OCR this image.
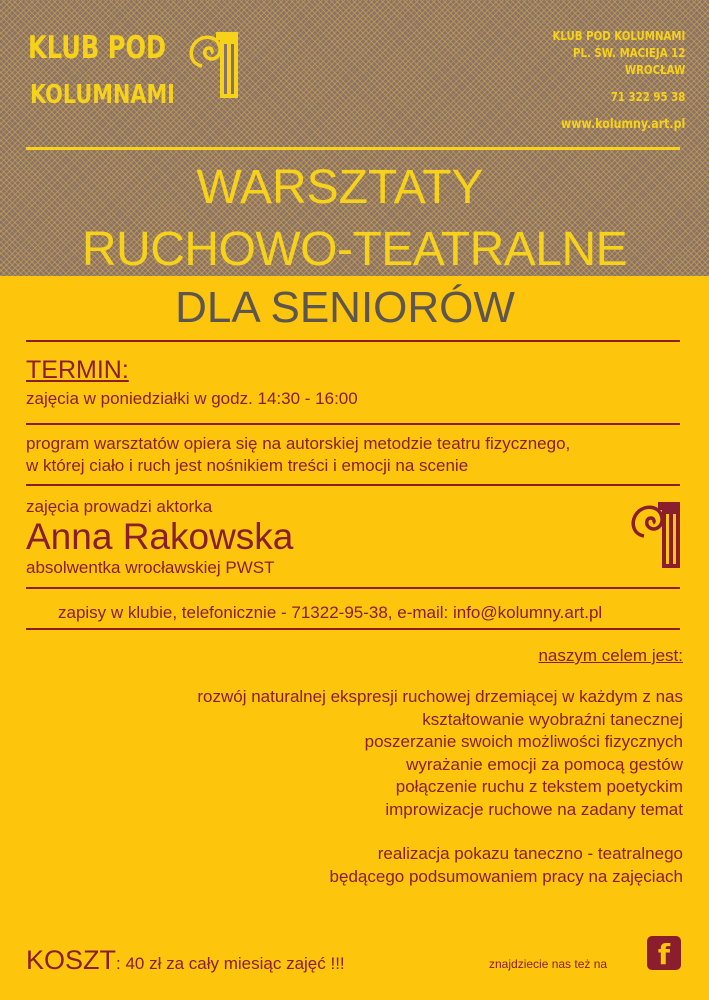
KLUB POD
KOLUMNAMI
KLUB POD KOLUMNAMI
PL. ŚW. MACIEJA 12
WROCŁAW
71 322 95 38
www.kolumny.art.pl
WARSZTATY
RUCHOWO-TEATRALNE
DLA SENIORÓW
TERMIN:
zajęcia w poniedziałki w godz. 14:30 - 16:00
program warsztatów opiera się na autorskiej metodzie teatru fizycznego,
w której ciało i ruch jest nośnikiem treści i emocji na scenie
zajęcia prowadzi aktorka
Anna Rakowska
absolwentka wrocławskiej PWST
zapisy w klubie, telefonicznie - 71322-95-38, e-mail: info@kolumny.art.pl
naszym celem jest:
rozwój naturalnej ekspresji ruchowej drzemiącej w każdym z nas
kształtowanie wyobraźni tanecznej
poszerzanie swoich możliwości fizycznych
wyrażanie emocji za pomocą gestów
połączenie ruchu z tekstem poetyckim
improwizacje ruchowe na zadany temat
realizacja pokazu taneczno - teatralnego
będącego podsumowaniem pracy na zajęciach
KOSZT: 40 zł za cały miesiąc zajęć !!!	znajdziecie nas też na	f
